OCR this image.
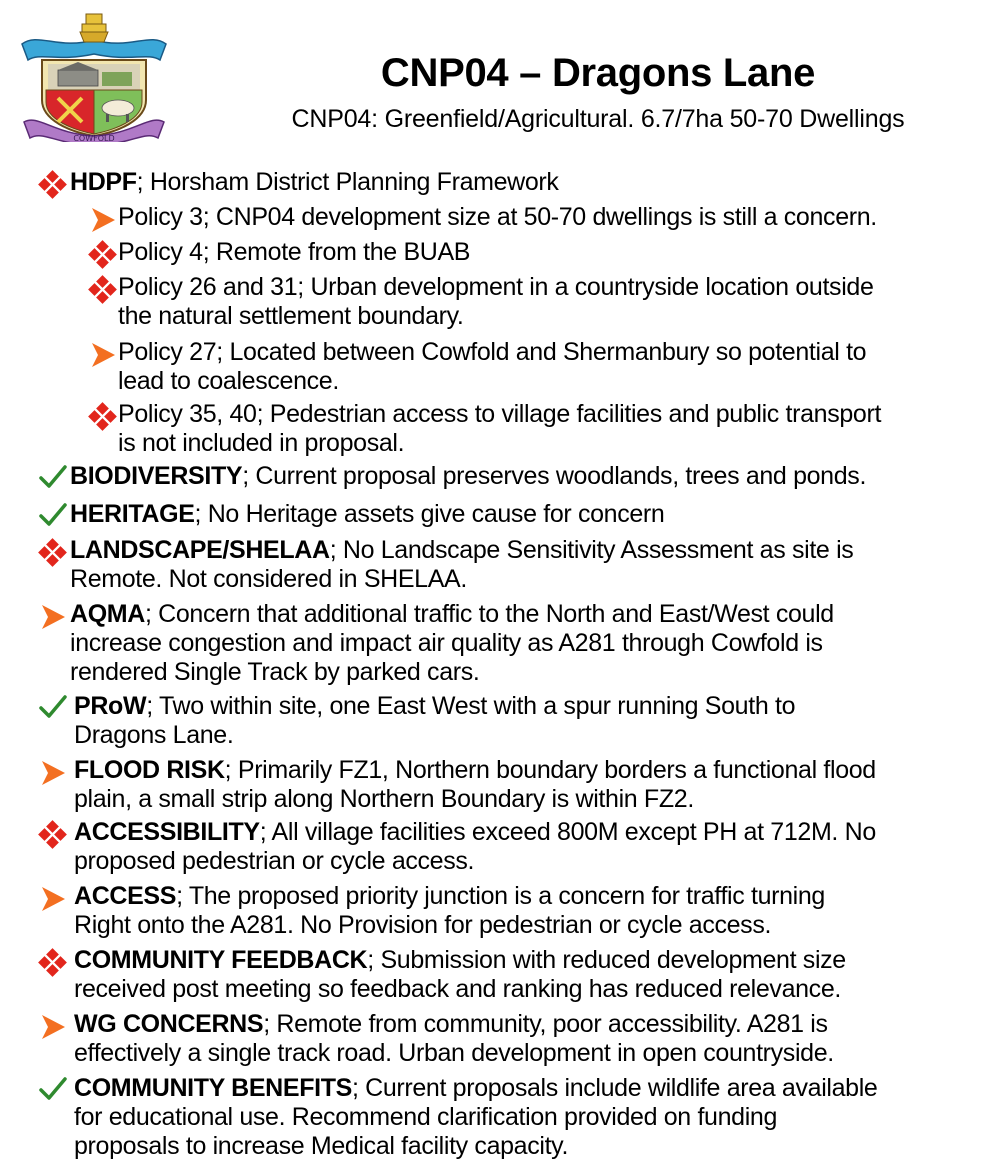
COWFOLD
CNP04 – Dragons Lane

CNP04: Greenfield/Agricultural. 6.7/7ha 50-70 Dwellings

HDPF; Horsham District Planning Framework
Policy 3; CNP04 development size at 50-70 dwellings is still a concern.
Policy 4; Remote from the BUAB
Policy 26 and 31; Urban development in a countryside location outside
the natural settlement boundary.
Policy 27; Located between Cowfold and Shermanbury so potential to
lead to coalescence.
Policy 35, 40; Pedestrian access to village facilities and public transport
is not included in proposal.
BIODIVERSITY; Current proposal preserves woodlands, trees and ponds.
HERITAGE; No Heritage assets give cause for concern
LANDSCAPE/SHELAA; No Landscape Sensitivity Assessment as site is
Remote. Not considered in SHELAA.
AQMA; Concern that additional traffic to the North and East/West could
increase congestion and impact air quality as A281 through Cowfold is
rendered Single Track by parked cars.
PRoW; Two within site, one East West with a spur running South to
Dragons Lane.
FLOOD RISK; Primarily FZ1, Northern boundary borders a functional flood
plain, a small strip along Northern Boundary is within FZ2.
ACCESSIBILITY; All village facilities exceed 800M except PH at 712M. No
proposed pedestrian or cycle access.
ACCESS; The proposed priority junction is a concern for traffic turning
Right onto the A281. No Provision for pedestrian or cycle access.
COMMUNITY FEEDBACK; Submission with reduced development size
received post meeting so feedback and ranking has reduced relevance.
WG CONCERNS; Remote from community, poor accessibility. A281 is
effectively a single track road. Urban development in open countryside.
COMMUNITY BENEFITS; Current proposals include wildlife area available
for educational use. Recommend clarification provided on funding
proposals to increase Medical facility capacity.
